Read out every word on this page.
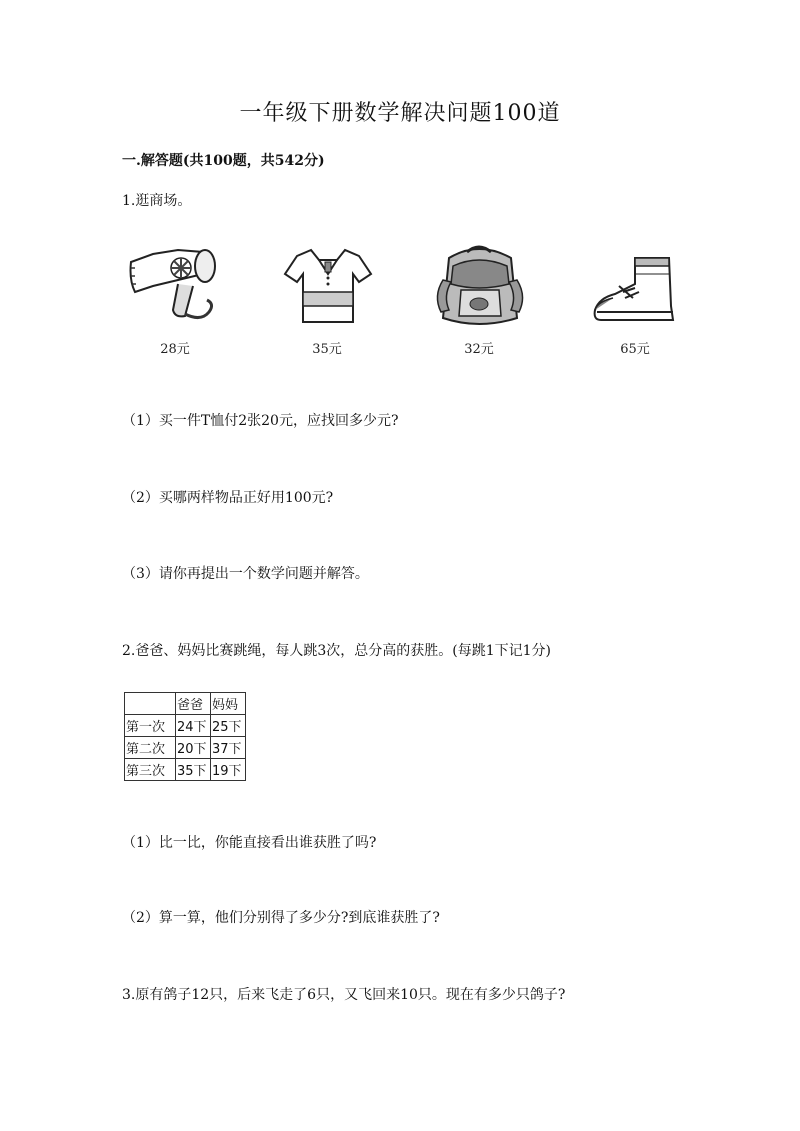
一年级下册数学解决问题100道
一.解答题(共100题，共542分)
1.逛商场。
28元	35元	32元	65元
（1）买一件T恤付2张20元，应找回多少元?
（2）买哪两样物品正好用100元?
（3）请你再提出一个数学问题并解答。
2.爸爸、妈妈比赛跳绳，每人跳3次，总分高的获胜。(每跳1下记1分)
	爸爸	妈妈
第一次	24下	25下
第二次	20下	37下
第三次	35下	19下
（1）比一比，你能直接看出谁获胜了吗?
（2）算一算，他们分别得了多少分?到底谁获胜了?
3.原有鸽子12只，后来飞走了6只，又飞回来10只。现在有多少只鸽子?
